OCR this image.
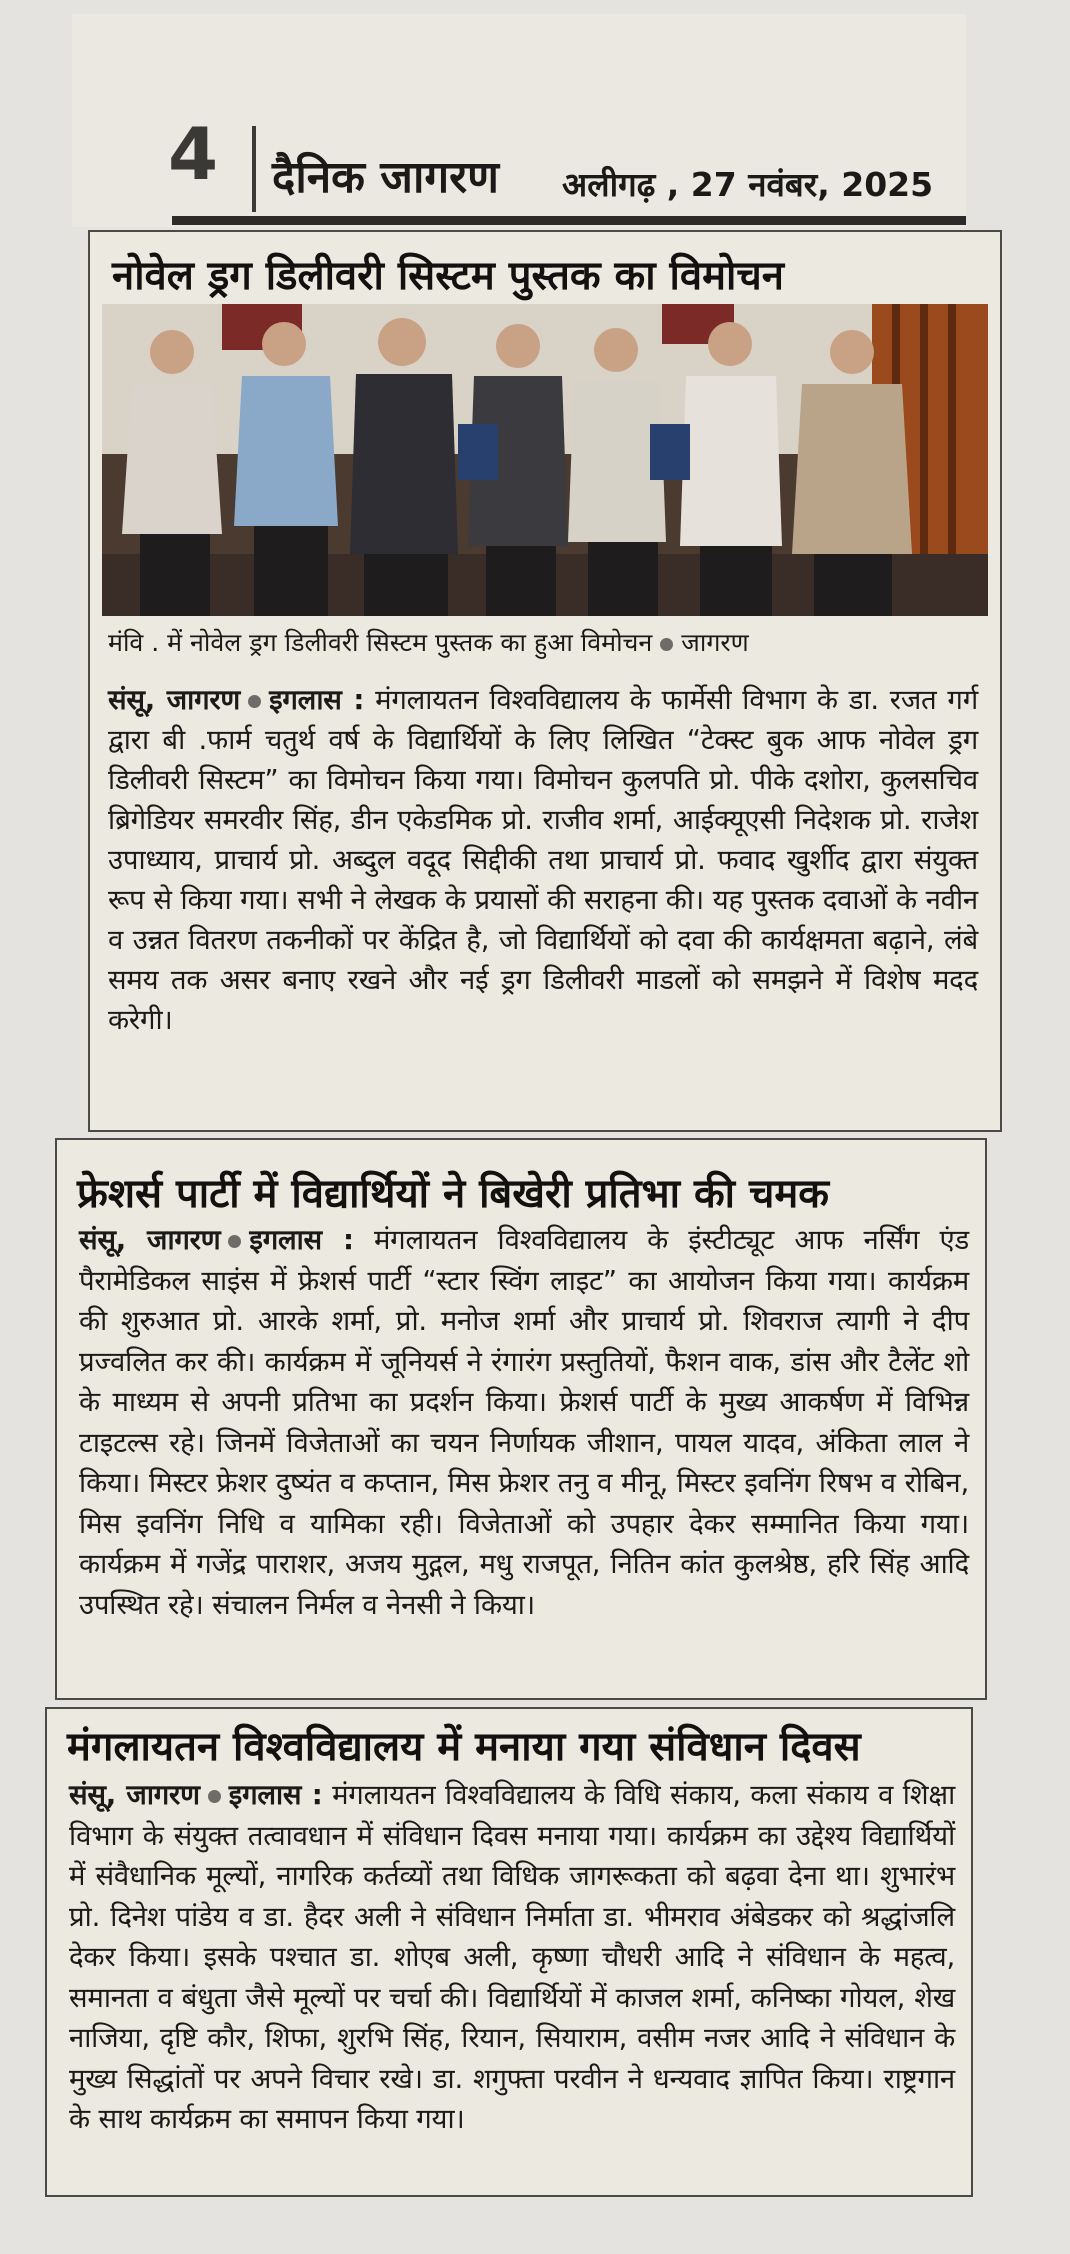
4 दैनिक जागरण अलीगढ़ , 27 नवंबर, 2025
नोवेल ड्रग डिलीवरी सिस्टम पुस्तक का विमोचन
मंवि . में नोवेल ड्रग डिलीवरी सिस्टम पुस्तक का हुआ विमोचन जागरण

संसू, जागरण इगलास : मंगलायतन विश्वविद्यालय के फार्मेसी विभाग के डा. रजत गर्ग द्वारा बी .फार्म चतुर्थ वर्ष के विद्यार्थियों के लिए लिखित “टेक्स्ट बुक आफ नोवेल ड्रग डिलीवरी सिस्टम” का विमोचन किया गया। विमोचन कुलपति प्रो. पीके दशोरा, कुलसचिव ब्रिगेडियर समरवीर सिंह, डीन एकेडमिक प्रो. राजीव शर्मा, आईक्यूएसी निदेशक प्रो. राजेश उपाध्याय, प्राचार्य प्रो. अब्दुल वदूद सिद्दीकी तथा प्राचार्य प्रो. फवाद खुर्शीद द्वारा संयुक्त रूप से किया गया। सभी ने लेखक के प्रयासों की सराहना की। यह पुस्तक दवाओं के नवीन व उन्नत वितरण तकनीकों पर केंद्रित है, जो विद्यार्थियों को दवा की कार्यक्षमता बढ़ाने, लंबे समय तक असर बनाए रखने और नई ड्रग डिलीवरी माडलों को समझने में विशेष मदद करेगी।

फ्रेशर्स पार्टी में विद्यार्थियों ने बिखेरी प्रतिभा की चमक

संसू, जागरण इगलास : मंगलायतन विश्वविद्यालय के इंस्टीट्यूट आफ नर्सिंग एंड पैरामेडिकल साइंस में फ्रेशर्स पार्टी “स्टार स्विंग लाइट” का आयोजन किया गया। कार्यक्रम की शुरुआत प्रो. आरके शर्मा, प्रो. मनोज शर्मा और प्राचार्य प्रो. शिवराज त्यागी ने दीप प्रज्वलित कर की। कार्यक्रम में जूनियर्स ने रंगारंग प्रस्तुतियों, फैशन वाक, डांस और टैलेंट शो के माध्यम से अपनी प्रतिभा का प्रदर्शन किया। फ्रेशर्स पार्टी के मुख्य आकर्षण में विभिन्न टाइटल्स रहे। जिनमें विजेताओं का चयन निर्णायक जीशान, पायल यादव, अंकिता लाल ने किया। मिस्टर फ्रेशर दुष्यंत व कप्तान, मिस फ्रेशर तनु व मीनू, मिस्टर इवनिंग रिषभ व रोबिन, मिस इवनिंग निधि व यामिका रही। विजेताओं को उपहार देकर सम्मानित किया गया। कार्यक्रम में गजेंद्र पाराशर, अजय मुद्गल, मधु राजपूत, नितिन कांत कुलश्रेष्ठ, हरि सिंह आदि उपस्थित रहे। संचालन निर्मल व नेनसी ने किया।

मंगलायतन विश्वविद्यालय में मनाया गया संविधान दिवस

संसू, जागरण इगलास : मंगलायतन विश्वविद्यालय के विधि संकाय, कला संकाय व शिक्षा विभाग के संयुक्त तत्वावधान में संविधान दिवस मनाया गया। कार्यक्रम का उद्देश्य विद्यार्थियों में संवैधानिक मूल्यों, नागरिक कर्तव्यों तथा विधिक जागरूकता को बढ़वा देना था। शुभारंभ प्रो. दिनेश पांडेय व डा. हैदर अली ने संविधान निर्माता डा. भीमराव अंबेडकर को श्रद्धांजलि देकर किया। इसके पश्चात डा. शोएब अली, कृष्णा चौधरी आदि ने संविधान के महत्व, समानता व बंधुता जैसे मूल्यों पर चर्चा की। विद्यार्थियों में काजल शर्मा, कनिष्का गोयल, शेख नाजिया, दृष्टि कौर, शिफा, शुरभि सिंह, रियान, सियाराम, वसीम नजर आदि ने संविधान के मुख्य सिद्धांतों पर अपने विचार रखे। डा. शगुफ्ता परवीन ने धन्यवाद ज्ञापित किया। राष्ट्रगान के साथ कार्यक्रम का समापन किया गया।
